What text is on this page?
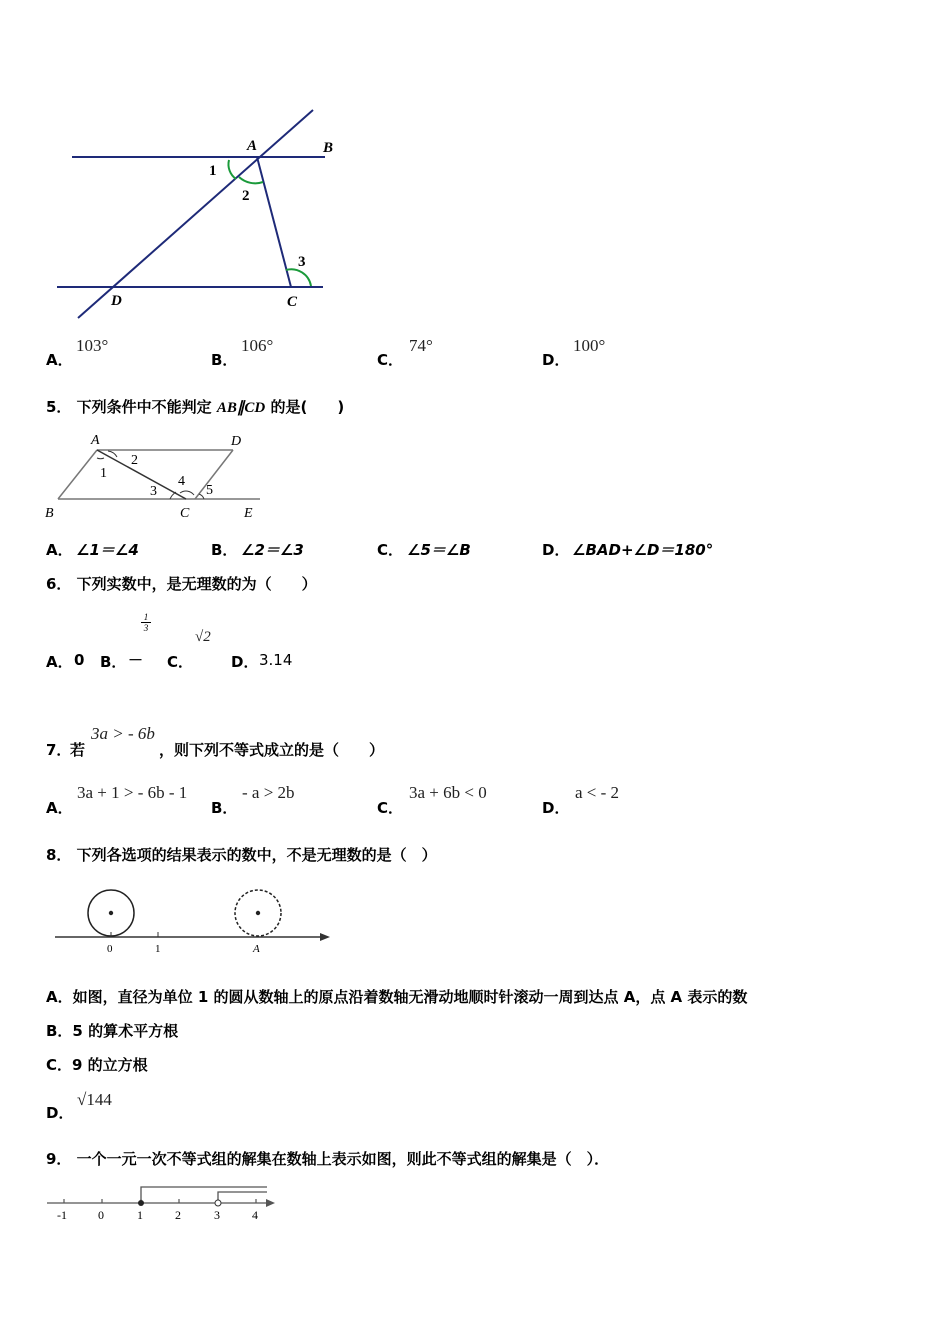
A	B
D	C
1
2
3
A．
103°
B．
106°
C．
74°
D．
100°
5． 下列条件中不能判定 AB∥CD 的是(　　)
A	D
B	C	E
1
2
3
4
5
A． ∠1＝∠4	B． ∠2＝∠3	C． ∠5＝∠B	D． ∠BAD+∠D＝180°
6． 下列实数中，是无理数的为（　　）
A． 0 B． －
$\frac{1}{3}$
C．
√2
D． 3.14
7．
若
3a > - 6b
，则下列不等式成立的是（　　）
A．
3a + 1 > - 6b - 1
B．
- a > 2b
C．
3a + 6b < 0
D．
a < - 2
8． 下列各选项的结果表示的数中，不是无理数的是（　）
0	1	A
A．如图，直径为单位 1 的圆从数轴上的原点沿着数轴无滑动地顺时针滚动一周到达点 A，点 A 表示的数
B．5 的算术平方根
C．9 的立方根
D．
√144
9． 一个一元一次不等式组的解集在数轴上表示如图，则此不等式组的解集是（　）．
-1	0	1	2	3	4
